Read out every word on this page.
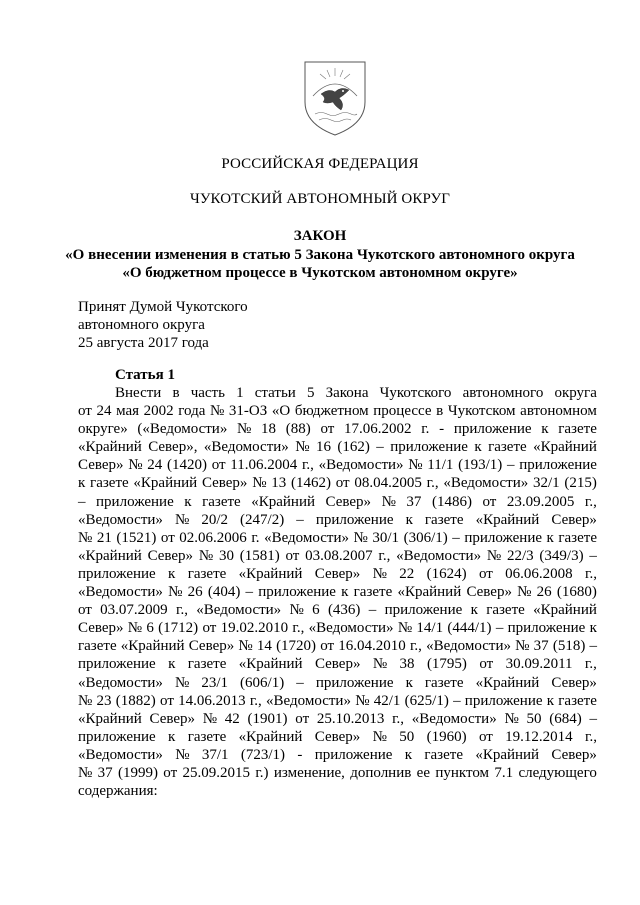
РОССИЙСКАЯ ФЕДЕРАЦИЯ
ЧУКОТСКИЙ АВТОНОМНЫЙ ОКРУГ
ЗАКОН
«О внесении изменения в статью 5 Закона Чукотского автономного округа
«О бюджетном процессе в Чукотском автономном округе»
Принят Думой Чукотского
автономного округа
25 августа 2017 года
Статья 1
Внести в часть 1 статьи 5 Закона Чукотского автономного округа
от 24 мая 2002 года № 31-ОЗ «О бюджетном процессе в Чукотском автономном
округе» («Ведомости» № 18 (88) от 17.06.2002 г. - приложение к газете
«Крайний Север», «Ведомости» № 16 (162) – приложение к газете «Крайний
Север» № 24 (1420) от 11.06.2004 г., «Ведомости» № 11/1 (193/1) – приложение
к газете «Крайний Север» № 13 (1462) от 08.04.2005 г., «Ведомости» 32/1 (215)
– приложение к газете «Крайний Север» № 37 (1486) от 23.09.2005 г.,
«Ведомости» № 20/2 (247/2) – приложение к газете «Крайний Север»
№ 21 (1521) от 02.06.2006 г. «Ведомости» № 30/1 (306/1) – приложение к газете
«Крайний Север» № 30 (1581) от 03.08.2007 г., «Ведомости» № 22/3 (349/3) –
приложение к газете «Крайний Север» № 22 (1624) от 06.06.2008 г.,
«Ведомости» № 26 (404) – приложение к газете «Крайний Север» № 26 (1680)
от 03.07.2009 г., «Ведомости» № 6 (436) – приложение к газете «Крайний
Север» № 6 (1712) от 19.02.2010 г., «Ведомости» № 14/1 (444/1) – приложение к
газете «Крайний Север» № 14 (1720) от 16.04.2010 г., «Ведомости» № 37 (518) –
приложение к газете «Крайний Север» № 38 (1795) от 30.09.2011 г.,
«Ведомости» № 23/1 (606/1) – приложение к газете «Крайний Север»
№ 23 (1882) от 14.06.2013 г., «Ведомости» № 42/1 (625/1) – приложение к газете
«Крайний Север» № 42 (1901) от 25.10.2013 г., «Ведомости» № 50 (684) –
приложение к газете «Крайний Север» № 50 (1960) от 19.12.2014 г.,
«Ведомости» № 37/1 (723/1) - приложение к газете «Крайний Север»
№ 37 (1999) от 25.09.2015 г.) изменение, дополнив ее пунктом 7.1 следующего
содержания:
